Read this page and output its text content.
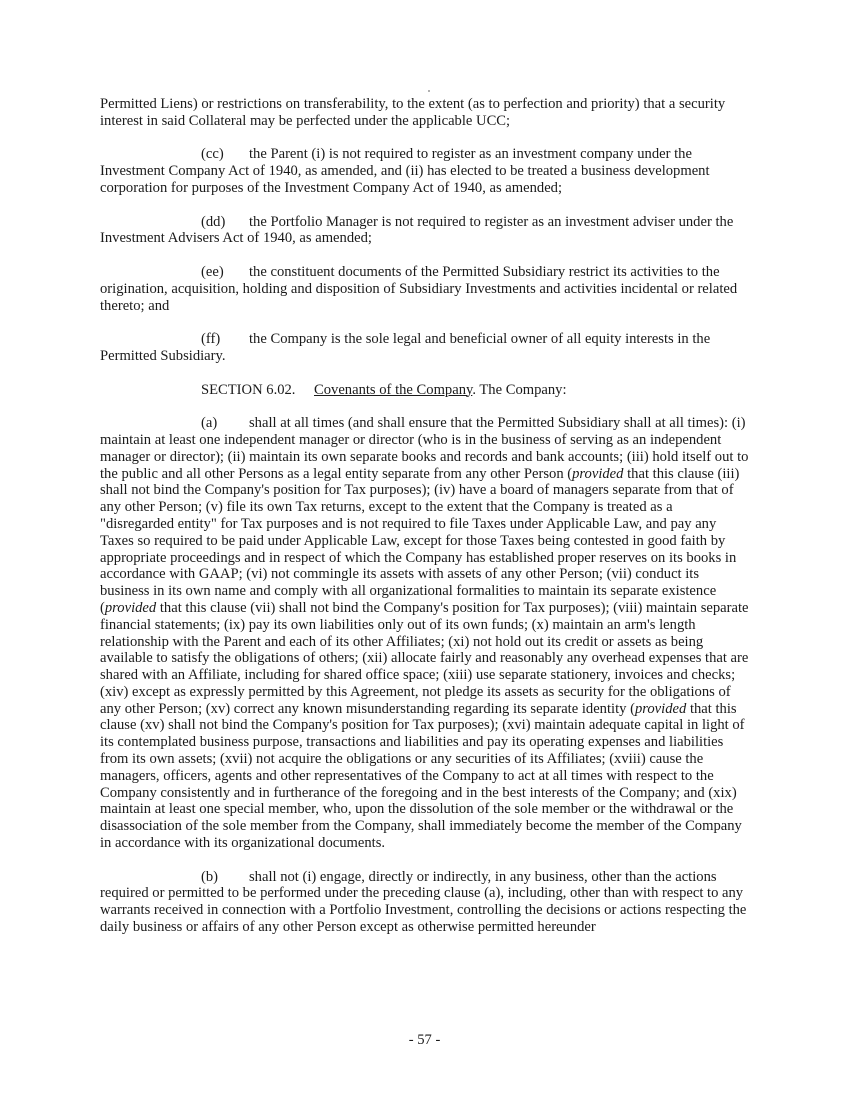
Permitted Liens) or restrictions on transferability, to the extent (as to perfection and priority) that a security interest in said Collateral may be perfected under the applicable UCC;

(cc) the Parent (i) is not required to register as an investment company under the Investment Company Act of 1940, as amended, and (ii) has elected to be treated a business development corporation for purposes of the Investment Company Act of 1940, as amended;

(dd) the Portfolio Manager is not required to register as an investment adviser under the Investment Advisers Act of 1940, as amended;

(ee) the constituent documents of the Permitted Subsidiary restrict its activities to the origination, acquisition, holding and disposition of Subsidiary Investments and activities incidental or related thereto; and

(ff) the Company is the sole legal and beneficial owner of all equity interests in the Permitted Subsidiary.

SECTION 6.02. Covenants of the Company. The Company:

(a) shall at all times (and shall ensure that the Permitted Subsidiary shall at all times): (i) maintain at least one independent manager or director (who is in the business of serving as an independent manager or director); (ii) maintain its own separate books and records and bank accounts; (iii) hold itself out to the public and all other Persons as a legal entity separate from any other Person (provided that this clause (iii) shall not bind the Company's position for Tax purposes); (iv) have a board of managers separate from that of any other Person; (v) file its own Tax returns, except to the extent that the Company is treated as a "disregarded entity" for Tax purposes and is not required to file Taxes under Applicable Law, and pay any Taxes so required to be paid under Applicable Law, except for those Taxes being contested in good faith by appropriate proceedings and in respect of which the Company has established proper reserves on its books in accordance with GAAP; (vi) not commingle its assets with assets of any other Person; (vii) conduct its business in its own name and comply with all organizational formalities to maintain its separate existence (provided that this clause (vii) shall not bind the Company's position for Tax purposes); (viii) maintain separate financial statements; (ix) pay its own liabilities only out of its own funds; (x) maintain an arm's length relationship with the Parent and each of its other Affiliates; (xi) not hold out its credit or assets as being available to satisfy the obligations of others; (xii) allocate fairly and reasonably any overhead expenses that are shared with an Affiliate, including for shared office space; (xiii) use separate stationery, invoices and checks; (xiv) except as expressly permitted by this Agreement, not pledge its assets as security for the obligations of any other Person; (xv) correct any known misunderstanding regarding its separate identity (provided that this clause (xv) shall not bind the Company's position for Tax purposes); (xvi) maintain adequate capital in light of its contemplated business purpose, transactions and liabilities and pay its operating expenses and liabilities from its own assets; (xvii) not acquire the obligations or any securities of its Affiliates; (xviii) cause the managers, officers, agents and other representatives of the Company to act at all times with respect to the Company consistently and in furtherance of the foregoing and in the best interests of the Company; and (xix) maintain at least one special member, who, upon the dissolution of the sole member or the withdrawal or the disassociation of the sole member from the Company, shall immediately become the member of the Company in accordance with its organizational documents.

(b) shall not (i) engage, directly or indirectly, in any business, other than the actions required or permitted to be performed under the preceding clause (a), including, other than with respect to any warrants received in connection with a Portfolio Investment, controlling the decisions or actions respecting the daily business or affairs of any other Person except as otherwise permitted hereunder

- 57 -
